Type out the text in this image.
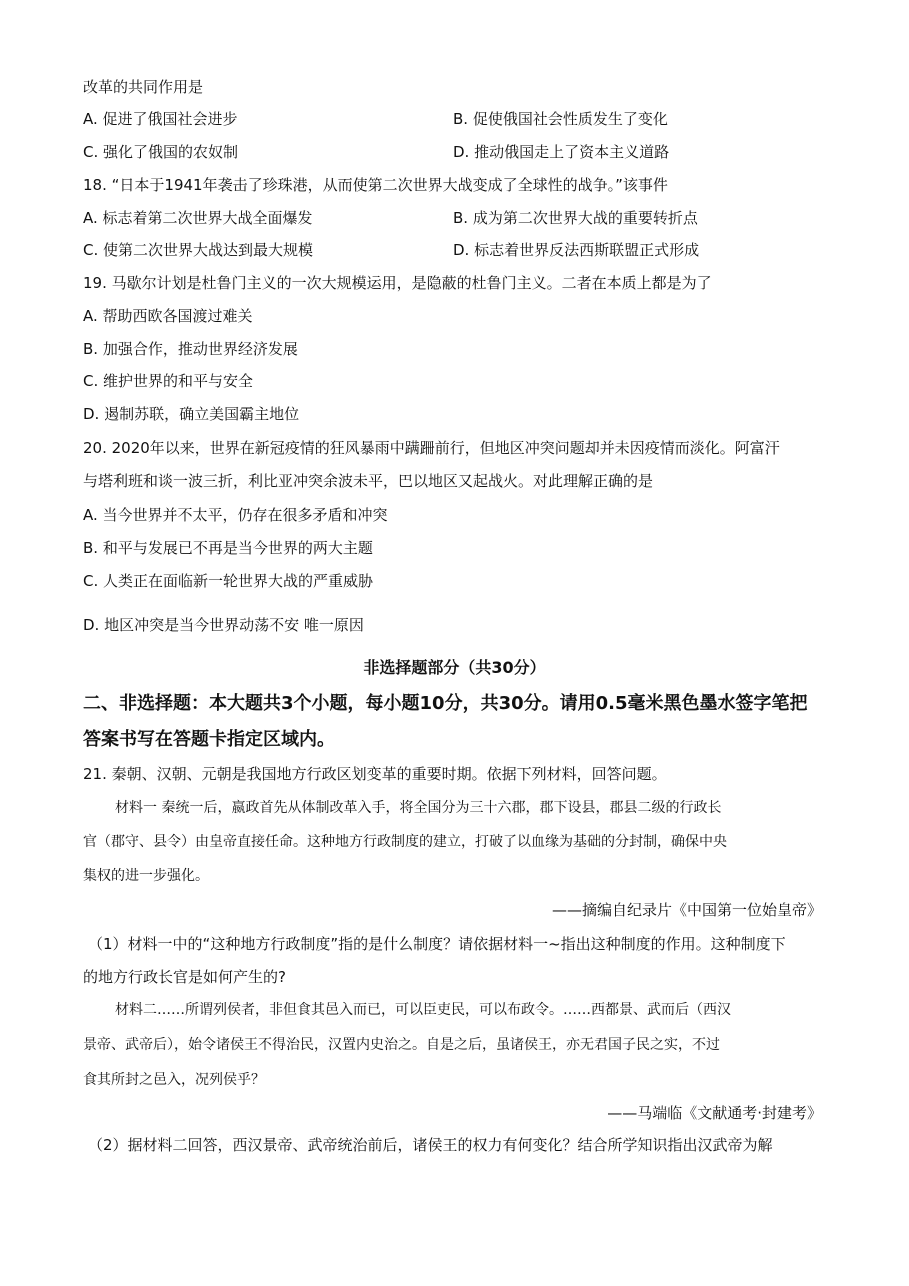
改革的共同作用是
A. 促进了俄国社会进步	B. 促使俄国社会性质发生了变化
C. 强化了俄国的农奴制	D. 推动俄国走上了资本主义道路
18. “日本于1941年袭击了珍珠港，从而使第二次世界大战变成了全球性的战争。”该事件
A. 标志着第二次世界大战全面爆发	B. 成为第二次世界大战的重要转折点
C. 使第二次世界大战达到最大规模	D. 标志着世界反法西斯联盟正式形成
19. 马歇尔计划是杜鲁门主义的一次大规模运用，是隐蔽的杜鲁门主义。二者在本质上都是为了
A. 帮助西欧各国渡过难关
B. 加强合作，推动世界经济发展
C. 维护世界的和平与安全
D. 遏制苏联，确立美国霸主地位
20. 2020年以来，世界在新冠疫情的狂风暴雨中蹒跚前行，但地区冲突问题却并未因疫情而淡化。阿富汗
与塔利班和谈一波三折，利比亚冲突余波未平，巴以地区又起战火。对此理解正确的是
A. 当今世界并不太平，仍存在很多矛盾和冲突
B. 和平与发展已不再是当今世界的两大主题
C. 人类正在面临新一轮世界大战的严重威胁
D. 地区冲突是当今世界动荡不安 唯一原因
非选择题部分（共30分）
二、非选择题：本大题共3个小题，每小题10分，共30分。请用0.5毫米黑色墨水签字笔把
答案书写在答题卡指定区域内。
21. 秦朝、汉朝、元朝是我国地方行政区划变革的重要时期。依据下列材料，回答问题。
材料一 秦统一后，嬴政首先从体制改革入手，将全国分为三十六郡，郡下设县，郡县二级的行政长
官（郡守、县令）由皇帝直接任命。这种地方行政制度的建立，打破了以血缘为基础的分封制，确保中央
集权的进一步强化。
——摘编自纪录片《中国第一位始皇帝》
（1）材料一中的“这种地方行政制度”指的是什么制度？请依据材料一~指出这种制度的作用。这种制度下
的地方行政长官是如何产生的?
材料二……所谓列侯者，非但食其邑入而已，可以臣吏民，可以布政令。……西都景、武而后（西汉
景帝、武帝后），始令诸侯王不得治民，汉置内史治之。自是之后，虽诸侯王，亦无君国子民之实，不过
食其所封之邑入，况列侯乎？
——马端临《文献通考·封建考》
（2）据材料二回答，西汉景帝、武帝统治前后，诸侯王的权力有何变化？结合所学知识指出汉武帝为解
